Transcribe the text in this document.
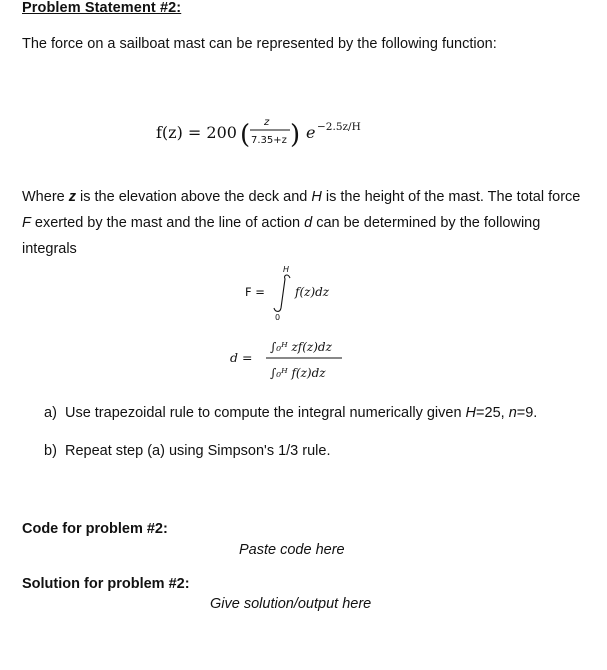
Problem Statement #2:
The force on a sailboat mast can be represented by the following function:
f(z) = 200 ( z
7.35+z ) e −2.5z/H
Where z is the elevation above the deck and H is the height of the mast. The total force F exerted by the mast and the line of action d can be determined by the following integrals
F =
H
0
f(z)dz
d =
∫₀ᴴ zf(z)dz
∫₀ᴴ f(z)dz
a) Use trapezoidal rule to compute the integral numerically given H=25, n=9.
b) Repeat step (a) using Simpson's 1/3 rule.
Code for problem #2:
Paste code here
Solution for problem #2:
Give solution/output here
